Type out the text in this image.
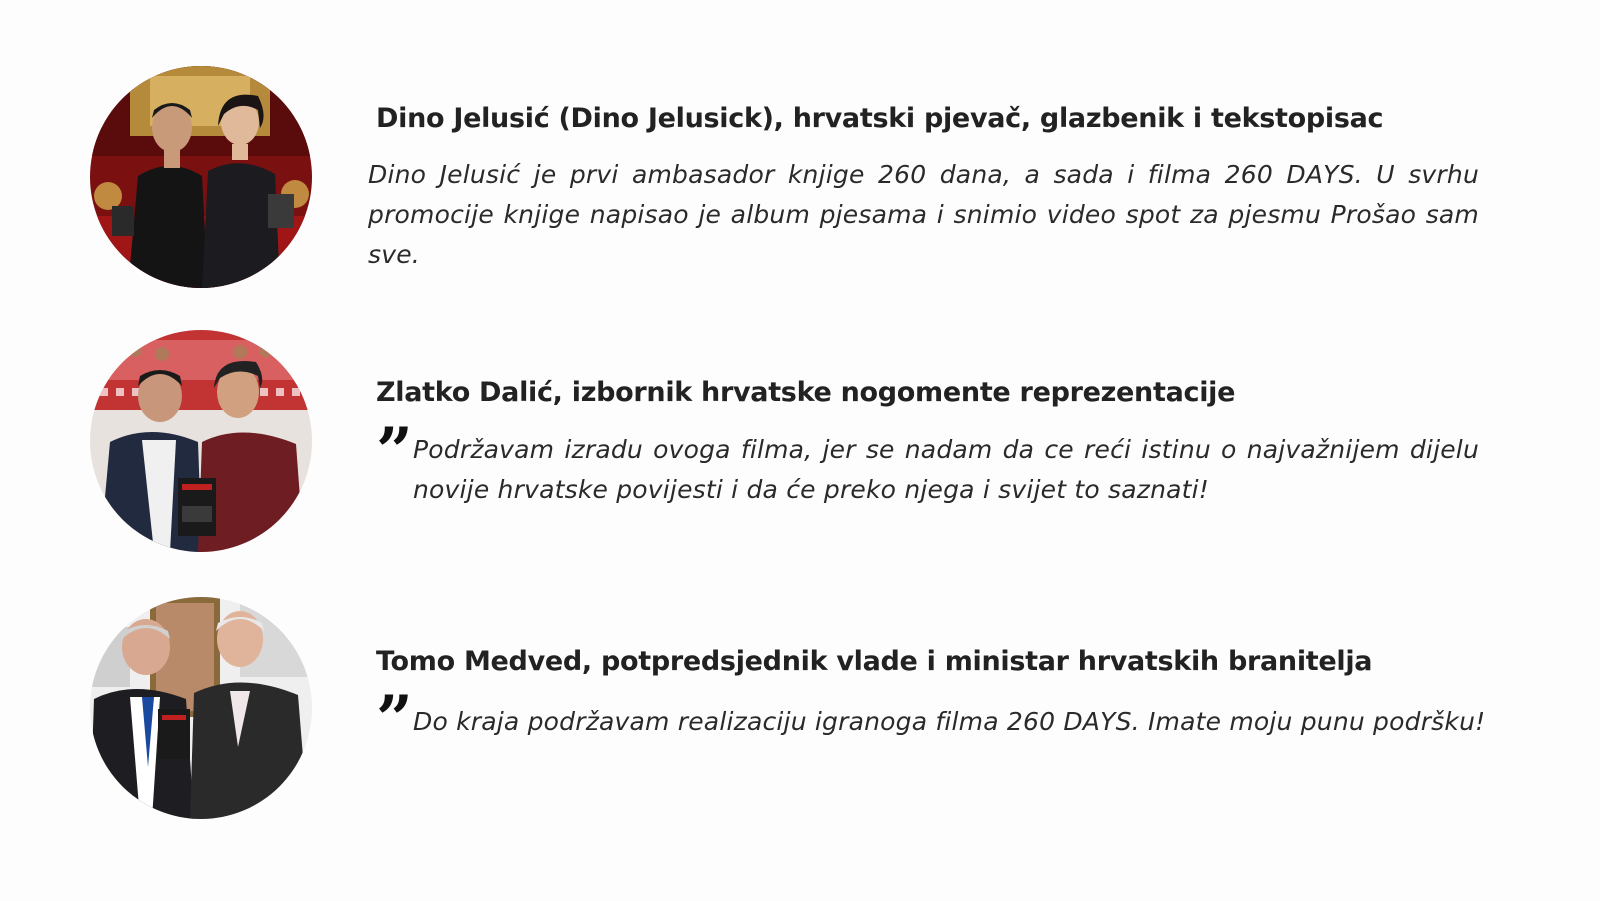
Dino Jelusić (Dino Jelusick), hrvatski pjevač, glazbenik i tekstopisac

Dino Jelusić je prvi ambasador knjige 260 dana, a sada i filma 260 DAYS. U svrhu promocije knjige napisao je album pjesama i snimio video spot za pjesmu Prošao sam sve.

Zlatko Dalić, izbornik hrvatske nogomente reprezentacije
” Podržavam izradu ovoga filma, jer se nadam da ce reći istinu o najvažnijem dijelu novije hrvatske povijesti i da će preko njega i svijet to saznati!

Tomo Medved, potpredsjednik vlade i ministar hrvatskih branitelja
” Do kraja podržavam realizaciju igranoga filma 260 DAYS. Imate moju punu podršku!
